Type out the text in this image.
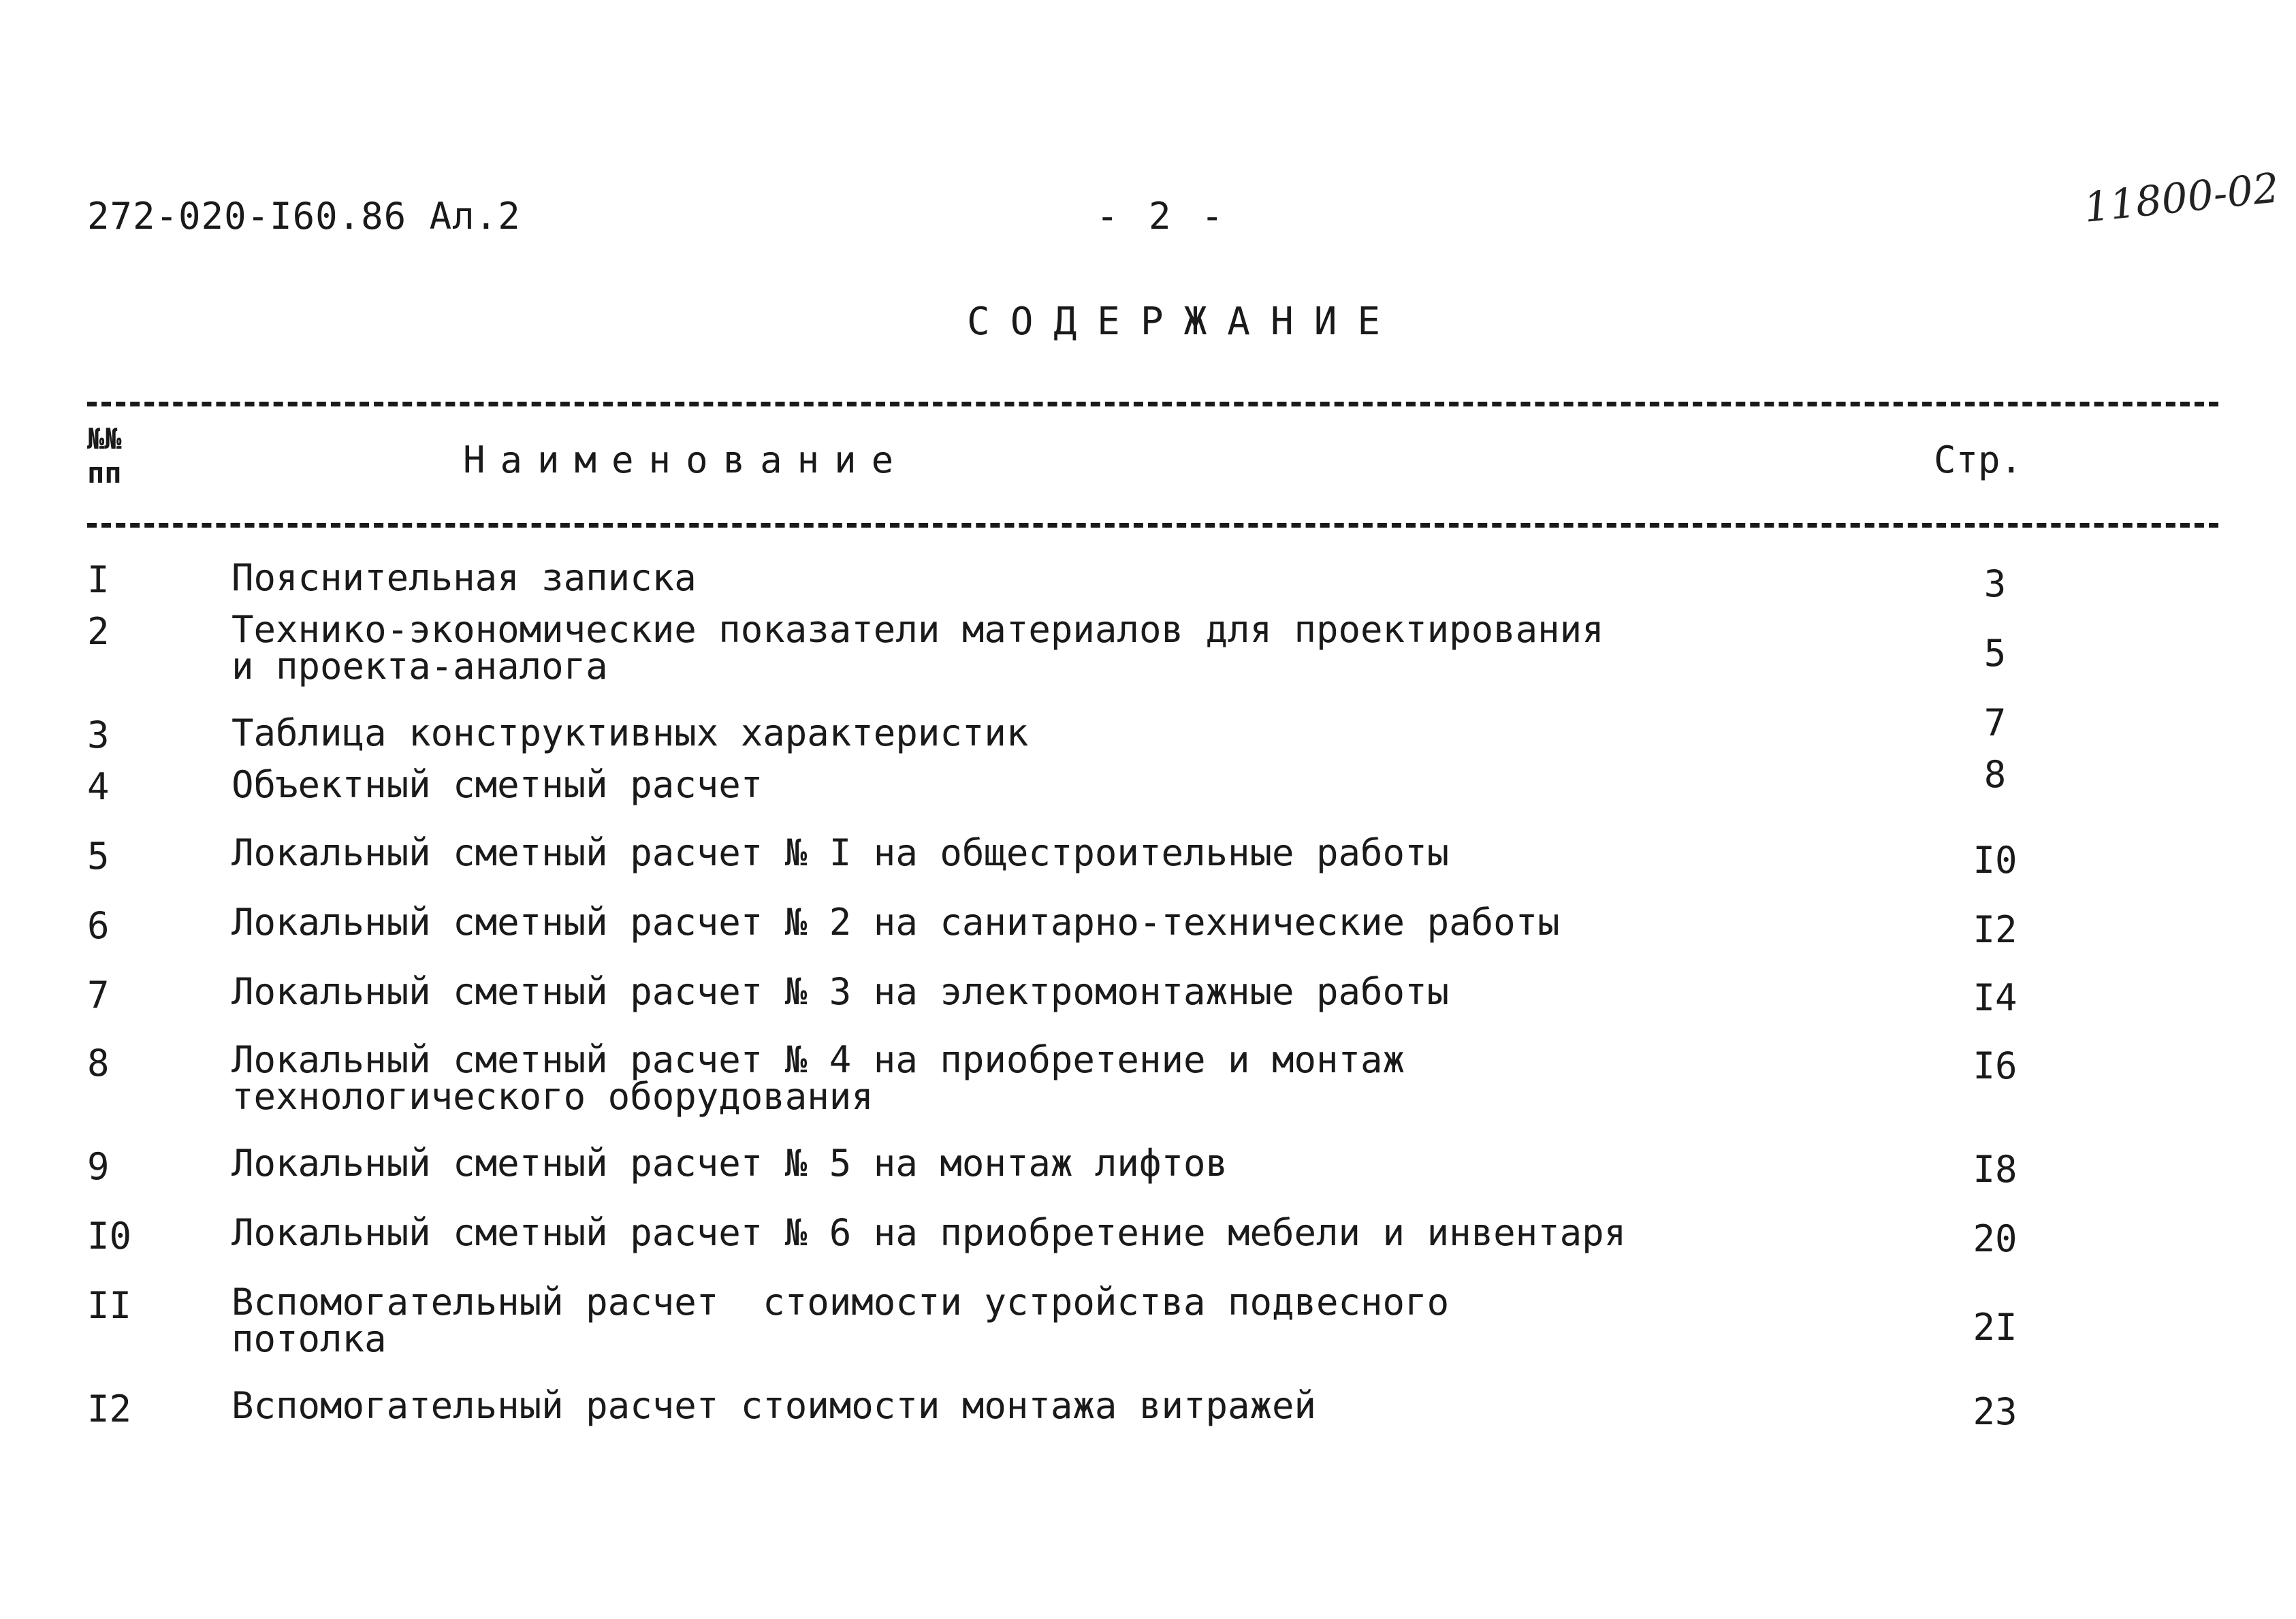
272-020-I60.86 Ал.2	- 2 -	11800-02
СОДЕРЖАНИЕ
№№ пп	Наименование	Стр.
I	Пояснительная записка	3
2	Технико-экономические показатели материалов для проектирования
и проекта-аналога	5
3	Таблица конструктивных характеристик	7
4	Объектный сметный расчет	8
5	Локальный сметный расчет № I на общестроительные работы	I0
6	Локальный сметный расчет № 2 на санитарно-технические работы	I2
7	Локальный сметный расчет № 3 на электромонтажные работы	I4
8	Локальный сметный расчет № 4 на приобретение и монтаж
технологического оборудования
I6
9	Локальный сметный расчет № 5 на монтаж лифтов	I8
I0	Локальный сметный расчет № 6 на приобретение мебели и инвентаря	20
II	Вспомогательный расчет  стоимости устройства подвесного
потолка	2I
I2	Вспомогательный расчет стоимости монтажа витражей	23
